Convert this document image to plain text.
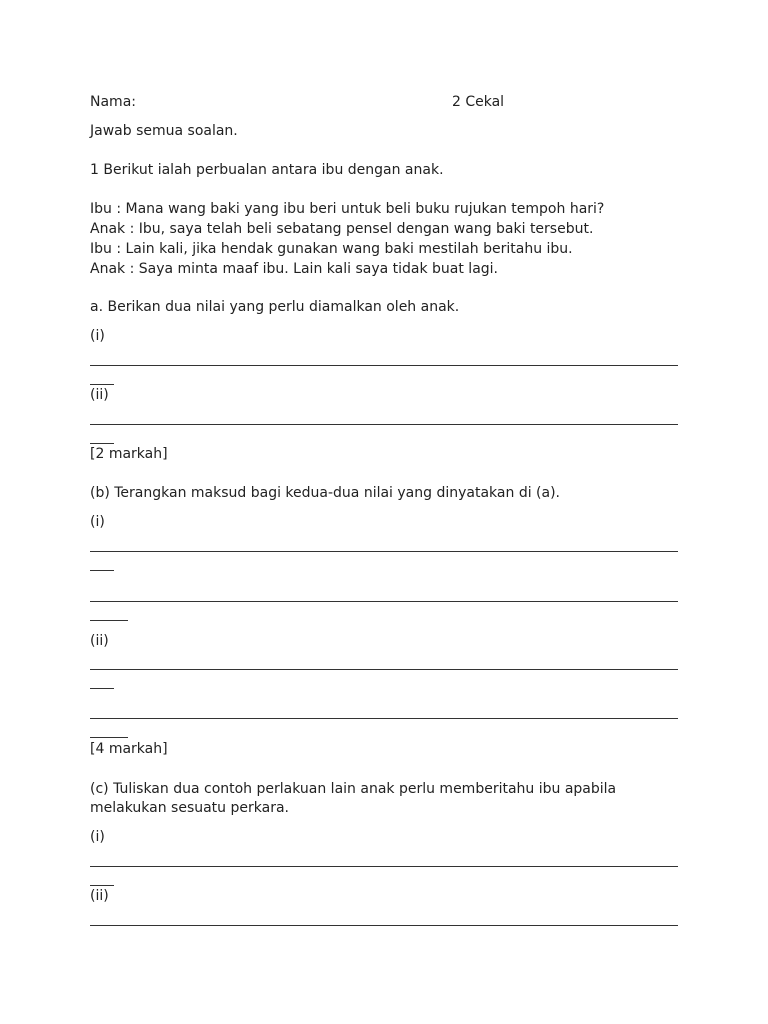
Nama:	2 Cekal
Jawab semua soalan.
1 Berikut ialah perbualan antara ibu dengan anak.
Ibu : Mana wang baki yang ibu beri untuk beli buku rujukan tempoh hari?
Anak : Ibu, saya telah beli sebatang pensel dengan wang baki tersebut.
Ibu : Lain kali, jika hendak gunakan wang baki mestilah beritahu ibu.
Anak : Saya minta maaf ibu. Lain kali saya tidak buat lagi.
a. Berikan dua nilai yang perlu diamalkan oleh anak.
(i)
(ii)
[2 markah]
(b) Terangkan maksud bagi kedua-dua nilai yang dinyatakan di (a).
(i)
(ii)
[4 markah]
(c) Tuliskan dua contoh perlakuan lain anak perlu memberitahu ibu apabila
melakukan sesuatu perkara.
(i)
(ii)
